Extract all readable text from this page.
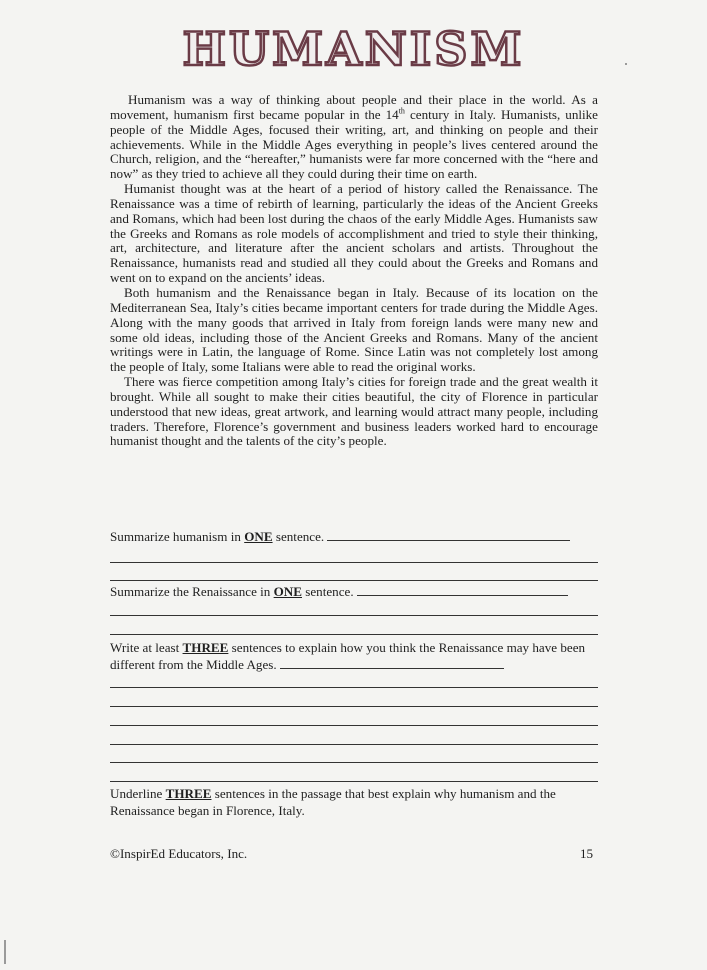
HUMANISM

Humanism was a way of thinking about people and their place in the world. As a movement, humanism first became popular in the 14th century in Italy. Humanists, unlike people of the Middle Ages, focused their writing, art, and thinking on people and their achievements. While in the Middle Ages everything in people’s lives centered around the Church, religion, and the “hereafter,” humanists were far more concerned with the “here and now” as they tried to achieve all they could during their time on earth.

Humanist thought was at the heart of a period of history called the Renaissance. The Renaissance was a time of rebirth of learning, particularly the ideas of the Ancient Greeks and Romans, which had been lost during the chaos of the early Middle Ages. Humanists saw the Greeks and Romans as role models of accomplishment and tried to style their thinking, art, architecture, and literature after the ancient scholars and artists. Throughout the Renaissance, humanists read and studied all they could about the Greeks and Romans and went on to expand on the ancients’ ideas.

Both humanism and the Renaissance began in Italy. Because of its location on the Mediterranean Sea, Italy’s cities became important centers for trade during the Middle Ages. Along with the many goods that arrived in Italy from foreign lands were many new and some old ideas, including those of the Ancient Greeks and Romans. Many of the ancient writings were in Latin, the language of Rome. Since Latin was not completely lost among the people of Italy, some Italians were able to read the original works.

There was fierce competition among Italy’s cities for foreign trade and the great wealth it brought. While all sought to make their cities beautiful, the city of Florence in particular understood that new ideas, great artwork, and learning would attract many people, including traders. Therefore, Florence’s government and business leaders worked hard to encourage humanist thought and the talents of the city’s people.

Summarize humanism in ONE sentence.
Summarize the Renaissance in ONE sentence.
Write at least THREE sentences to explain how you think the Renaissance may have been different from the Middle Ages.
Underline THREE sentences in the passage that best explain why humanism and the Renaissance began in Florence, Italy.
©InspirEd Educators, Inc.	15
